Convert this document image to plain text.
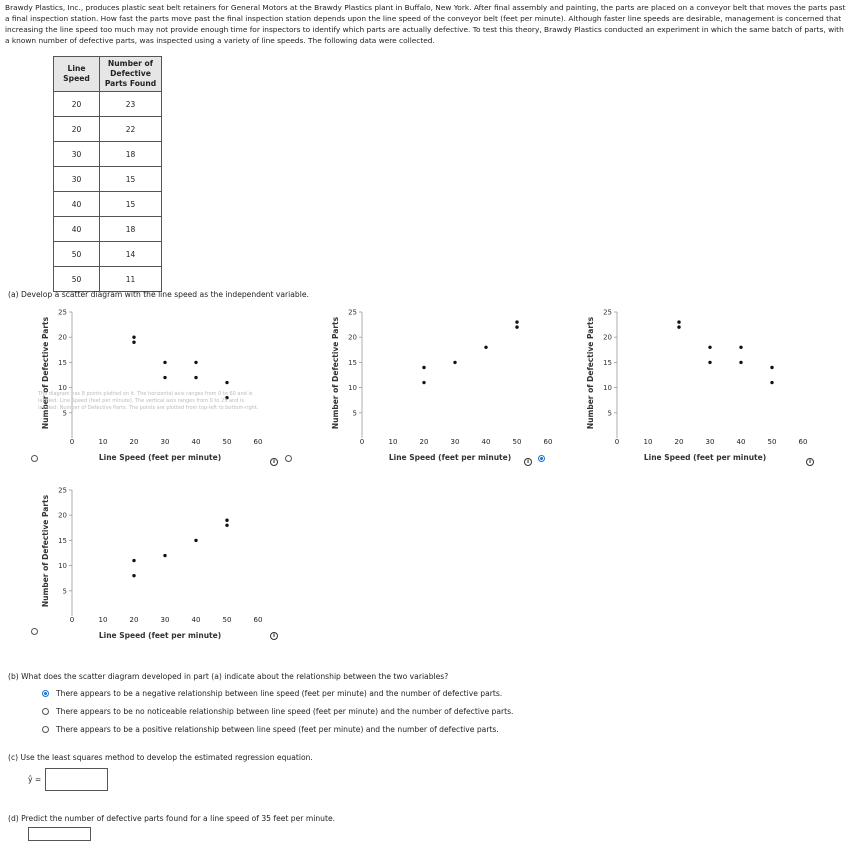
Brawdy Plastics, Inc., produces plastic seat belt retainers for General Motors at the Brawdy Plastics plant in Buffalo, New York. After final assembly and painting, the parts are placed on a conveyor belt that moves the parts past a final inspection station. How fast the parts move past the final inspection station depends upon the line speed of the conveyor belt (feet per minute). Although faster line speeds are desirable, management is concerned that increasing the line speed too much may not provide enough time for inspectors to identify which parts are actually defective. To test this theory, Brawdy Plastics conducted an experiment in which the same batch of parts, with a known number of defective parts, was inspected using a variety of line speeds. The following data were collected.
Line Speed	Number of Defective Parts Found
20	23
20	22
30	18
30	15
40	15
40	18
50	14
50	11
(a) Develop a scatter diagram with the line speed as the independent variable.
5
10
15
20
25
0	10	20	30	40	50	60
Number of Defective Parts
Line Speed (feet per minute)
5
10
15
20
25
0	10	20	30	40	50	60
Number of Defective Parts
Line Speed (feet per minute)
5
10
15
20
25
0	10	20	30	40	50	60
Number of Defective Parts
Line Speed (feet per minute)
5
10
15
20
25
0	10	20	30	40	50	60
Number of Defective Parts
Line Speed (feet per minute)
The diagram has 8 points plotted on it. The horizontal axis ranges from 0 to 60 and is labeled: Line Speed (feet per minute). The vertical axis ranges from 0 to 25 and is labeled: Number of Defective Parts. The points are plotted from top-left to bottom-right.
i	i	i
i
(b) What does the scatter diagram developed in part (a) indicate about the relationship between the two variables?
There appears to be a negative relationship between line speed (feet per minute) and the number of defective parts.
There appears to be no noticeable relationship between line speed (feet per minute) and the number of defective parts.
There appears to be a positive relationship between line speed (feet per minute) and the number of defective parts.
(c) Use the least squares method to develop the estimated regression equation.
ŷ =
(d) Predict the number of defective parts found for a line speed of 35 feet per minute.
